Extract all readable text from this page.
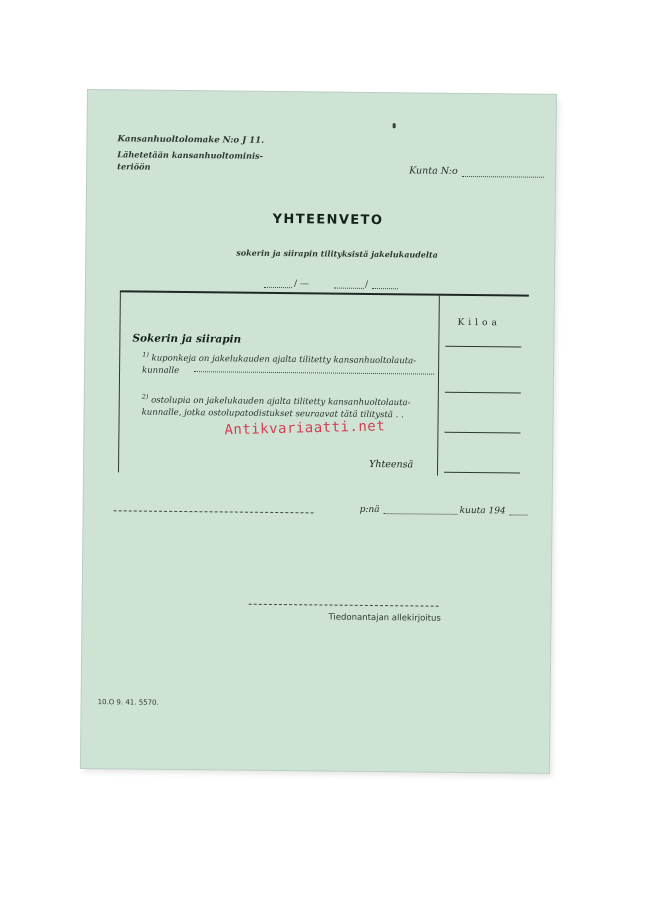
Kansanhuoltolomake N:o J 11.
Lähetetään kansanhuoltominis-teriöön	Kunta N:o
YHTEENVETO
sokerin ja siirapin tilityksistä jakelukaudelta
/ —	/
Kiloa
Sokerin ja siirapin
$^{1)}$ kuponkeja on jakelukauden ajalta tilitetty kansanhuoltolauta-
kunnalle
$^{2)}$ ostolupia on jakelukauden ajalta tilitetty kansanhuoltolauta-
kunnalle, jotka ostolupatodistukset seuraavat tätä tilitystä . .
Yhteensä
Antikvariaatti.net
p:nä	kuuta 194
Tiedonantajan allekirjoitus
10.O 9. 41. 5570.
